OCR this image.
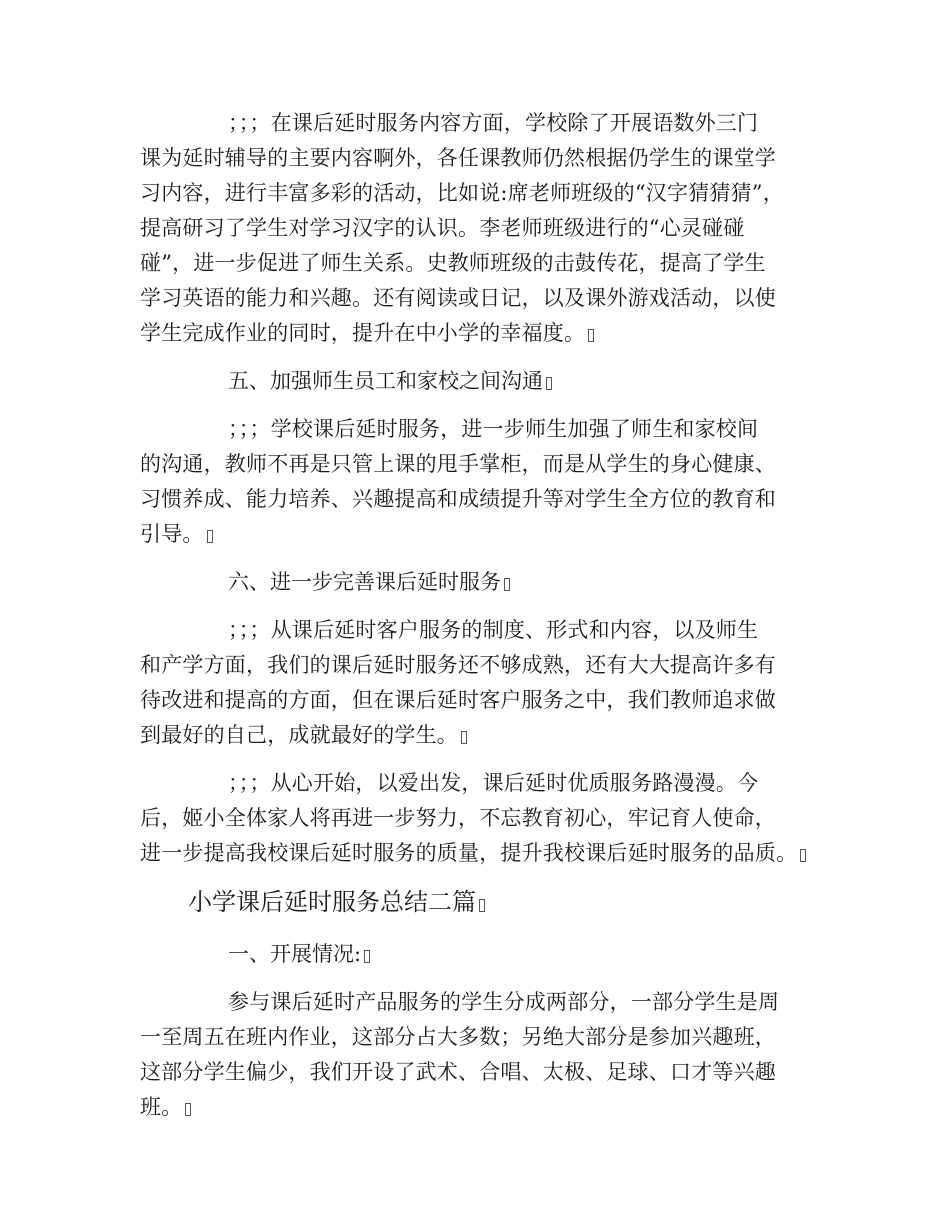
；；；在课后延时服务内容方面，学校除了开展语数外三门
课为延时辅导的主要内容啊外，各任课教师仍然根据仍学生的课堂学
习内容，进行丰富多彩的活动，比如说:席老师班级的“汉字猜猜猜”，
提高研习了学生对学习汉字的认识。李老师班级进行的“心灵碰碰
碰”，进一步促进了师生关系。史教师班级的击鼓传花，提高了学生
学习英语的能力和兴趣。还有阅读或日记，以及课外游戏活动，以使
学生完成作业的同时，提升在中小学的幸福度。
五、加强师生员工和家校之间沟通
；；；学校课后延时服务，进一步师生加强了师生和家校间
的沟通，教师不再是只管上课的甩手掌柜，而是从学生的身心健康、
习惯养成、能力培养、兴趣提高和成绩提升等对学生全方位的教育和
引导。
六、进一步完善课后延时服务
；；；从课后延时客户服务的制度、形式和内容，以及师生
和产学方面，我们的课后延时服务还不够成熟，还有大大提高许多有
待改进和提高的方面，但在课后延时客户服务之中，我们教师追求做
到最好的自己，成就最好的学生。
；；；从心开始，以爱出发，课后延时优质服务路漫漫。今
后，姬小全体家人将再进一步努力，不忘教育初心，牢记育人使命，
进一步提高我校课后延时服务的质量，提升我校课后延时服务的品质。
小学课后延时服务总结二篇
一、开展情况:
参与课后延时产品服务的学生分成两部分，一部分学生是周
一至周五在班内作业，这部分占大多数；另绝大部分是参加兴趣班，
这部分学生偏少，我们开设了武术、合唱、太极、足球、口才等兴趣
班。
